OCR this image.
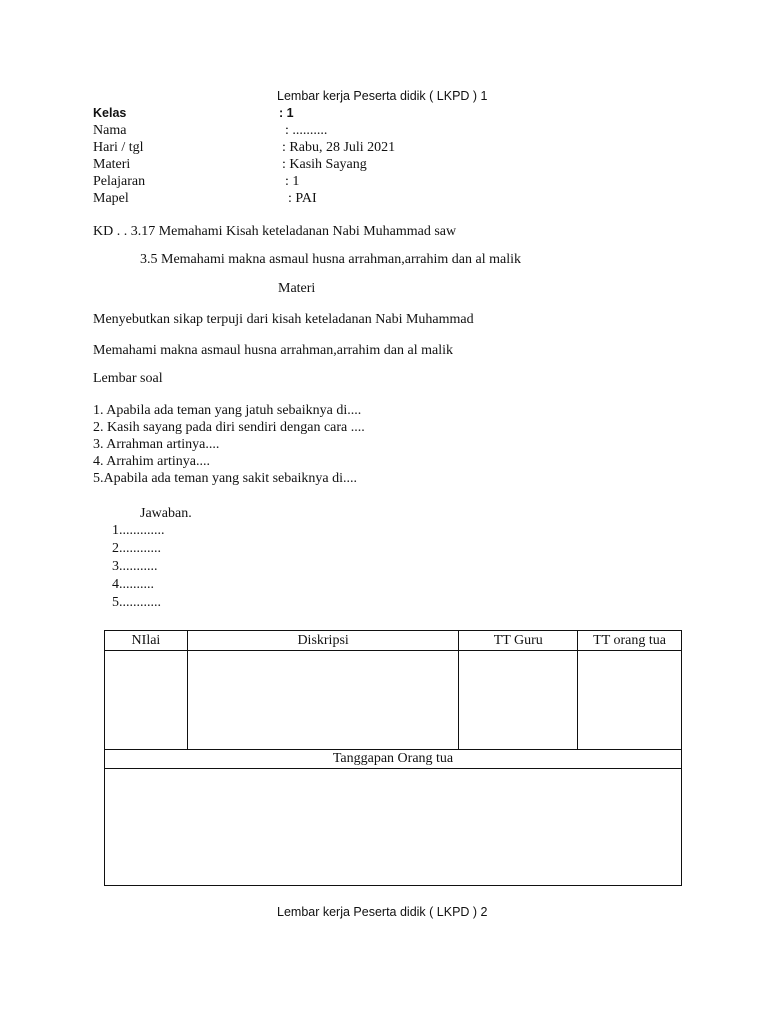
Lembar kerja Peserta didik ( LKPD ) 1
Kelas	: 1
Nama	: ..........
Hari / tgl	: Rabu, 28 Juli 2021
Materi	: Kasih Sayang
Pelajaran	: 1
Mapel	: PAI
KD . . 3.17 Memahami Kisah keteladanan Nabi Muhammad saw
3.5 Memahami makna asmaul husna arrahman,arrahim dan al malik
Materi
Menyebutkan sikap terpuji dari kisah keteladanan Nabi Muhammad
Memahami makna asmaul husna arrahman,arrahim dan al malik
Lembar soal
1. Apabila ada teman yang jatuh sebaiknya di....
2. Kasih sayang pada diri sendiri dengan cara ....
3. Arrahman artinya....
4. Arrahim artinya....
5.Apabila ada teman yang sakit sebaiknya di....
Jawaban.
1.............
2............
3...........
4..........
5............
NIlai	Diskripsi	TT Guru	TT orang tua

Tanggapan Orang tua			

Lembar kerja Peserta didik ( LKPD ) 2
